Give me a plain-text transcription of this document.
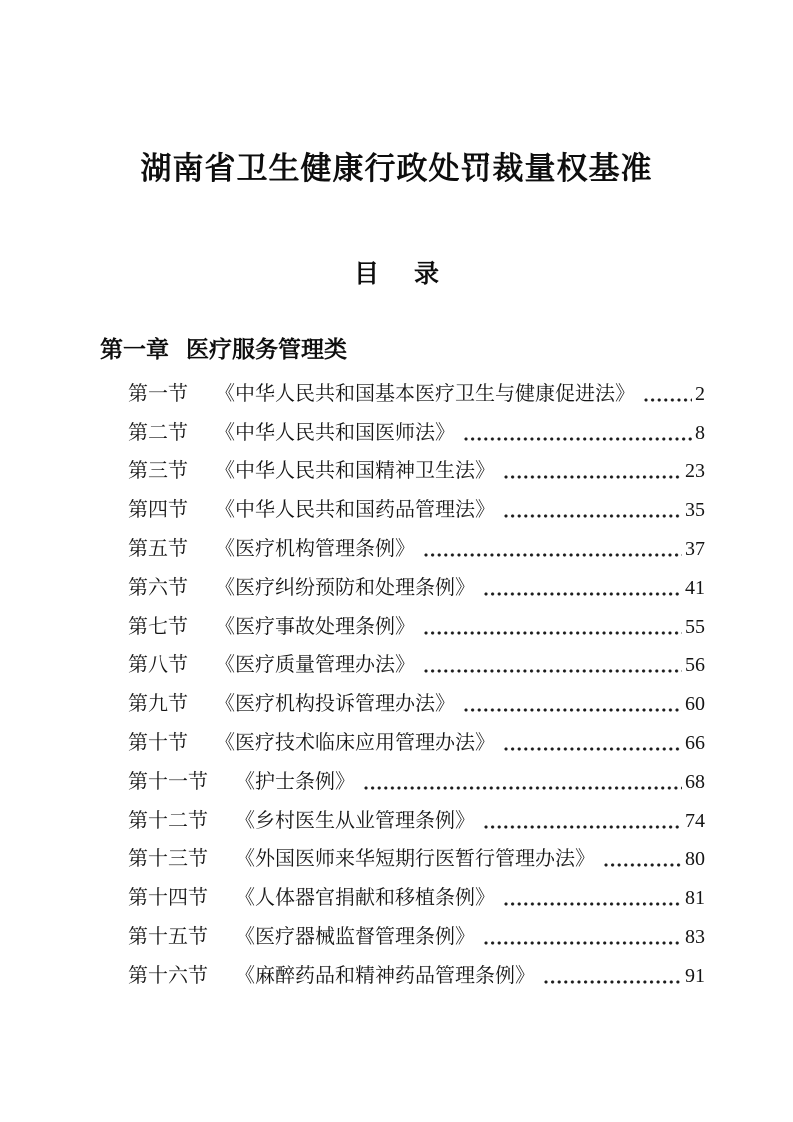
湖南省卫生健康行政处罚裁量权基准
目 录
第一章 医疗服务管理类
第一节 《中华人民共和国基本医疗卫生与健康促进法》	2
第二节 《中华人民共和国医师法》	8
第三节 《中华人民共和国精神卫生法》	23
第四节 《中华人民共和国药品管理法》	35
第五节 《医疗机构管理条例》	37
第六节 《医疗纠纷预防和处理条例》	41
第七节 《医疗事故处理条例》	55
第八节 《医疗质量管理办法》	56
第九节 《医疗机构投诉管理办法》	60
第十节 《医疗技术临床应用管理办法》	66
第十一节 《护士条例》	68
第十二节 《乡村医生从业管理条例》	74
第十三节 《外国医师来华短期行医暂行管理办法》	80
第十四节 《人体器官捐献和移植条例》	81
第十五节 《医疗器械监督管理条例》	83
第十六节 《麻醉药品和精神药品管理条例》	91
